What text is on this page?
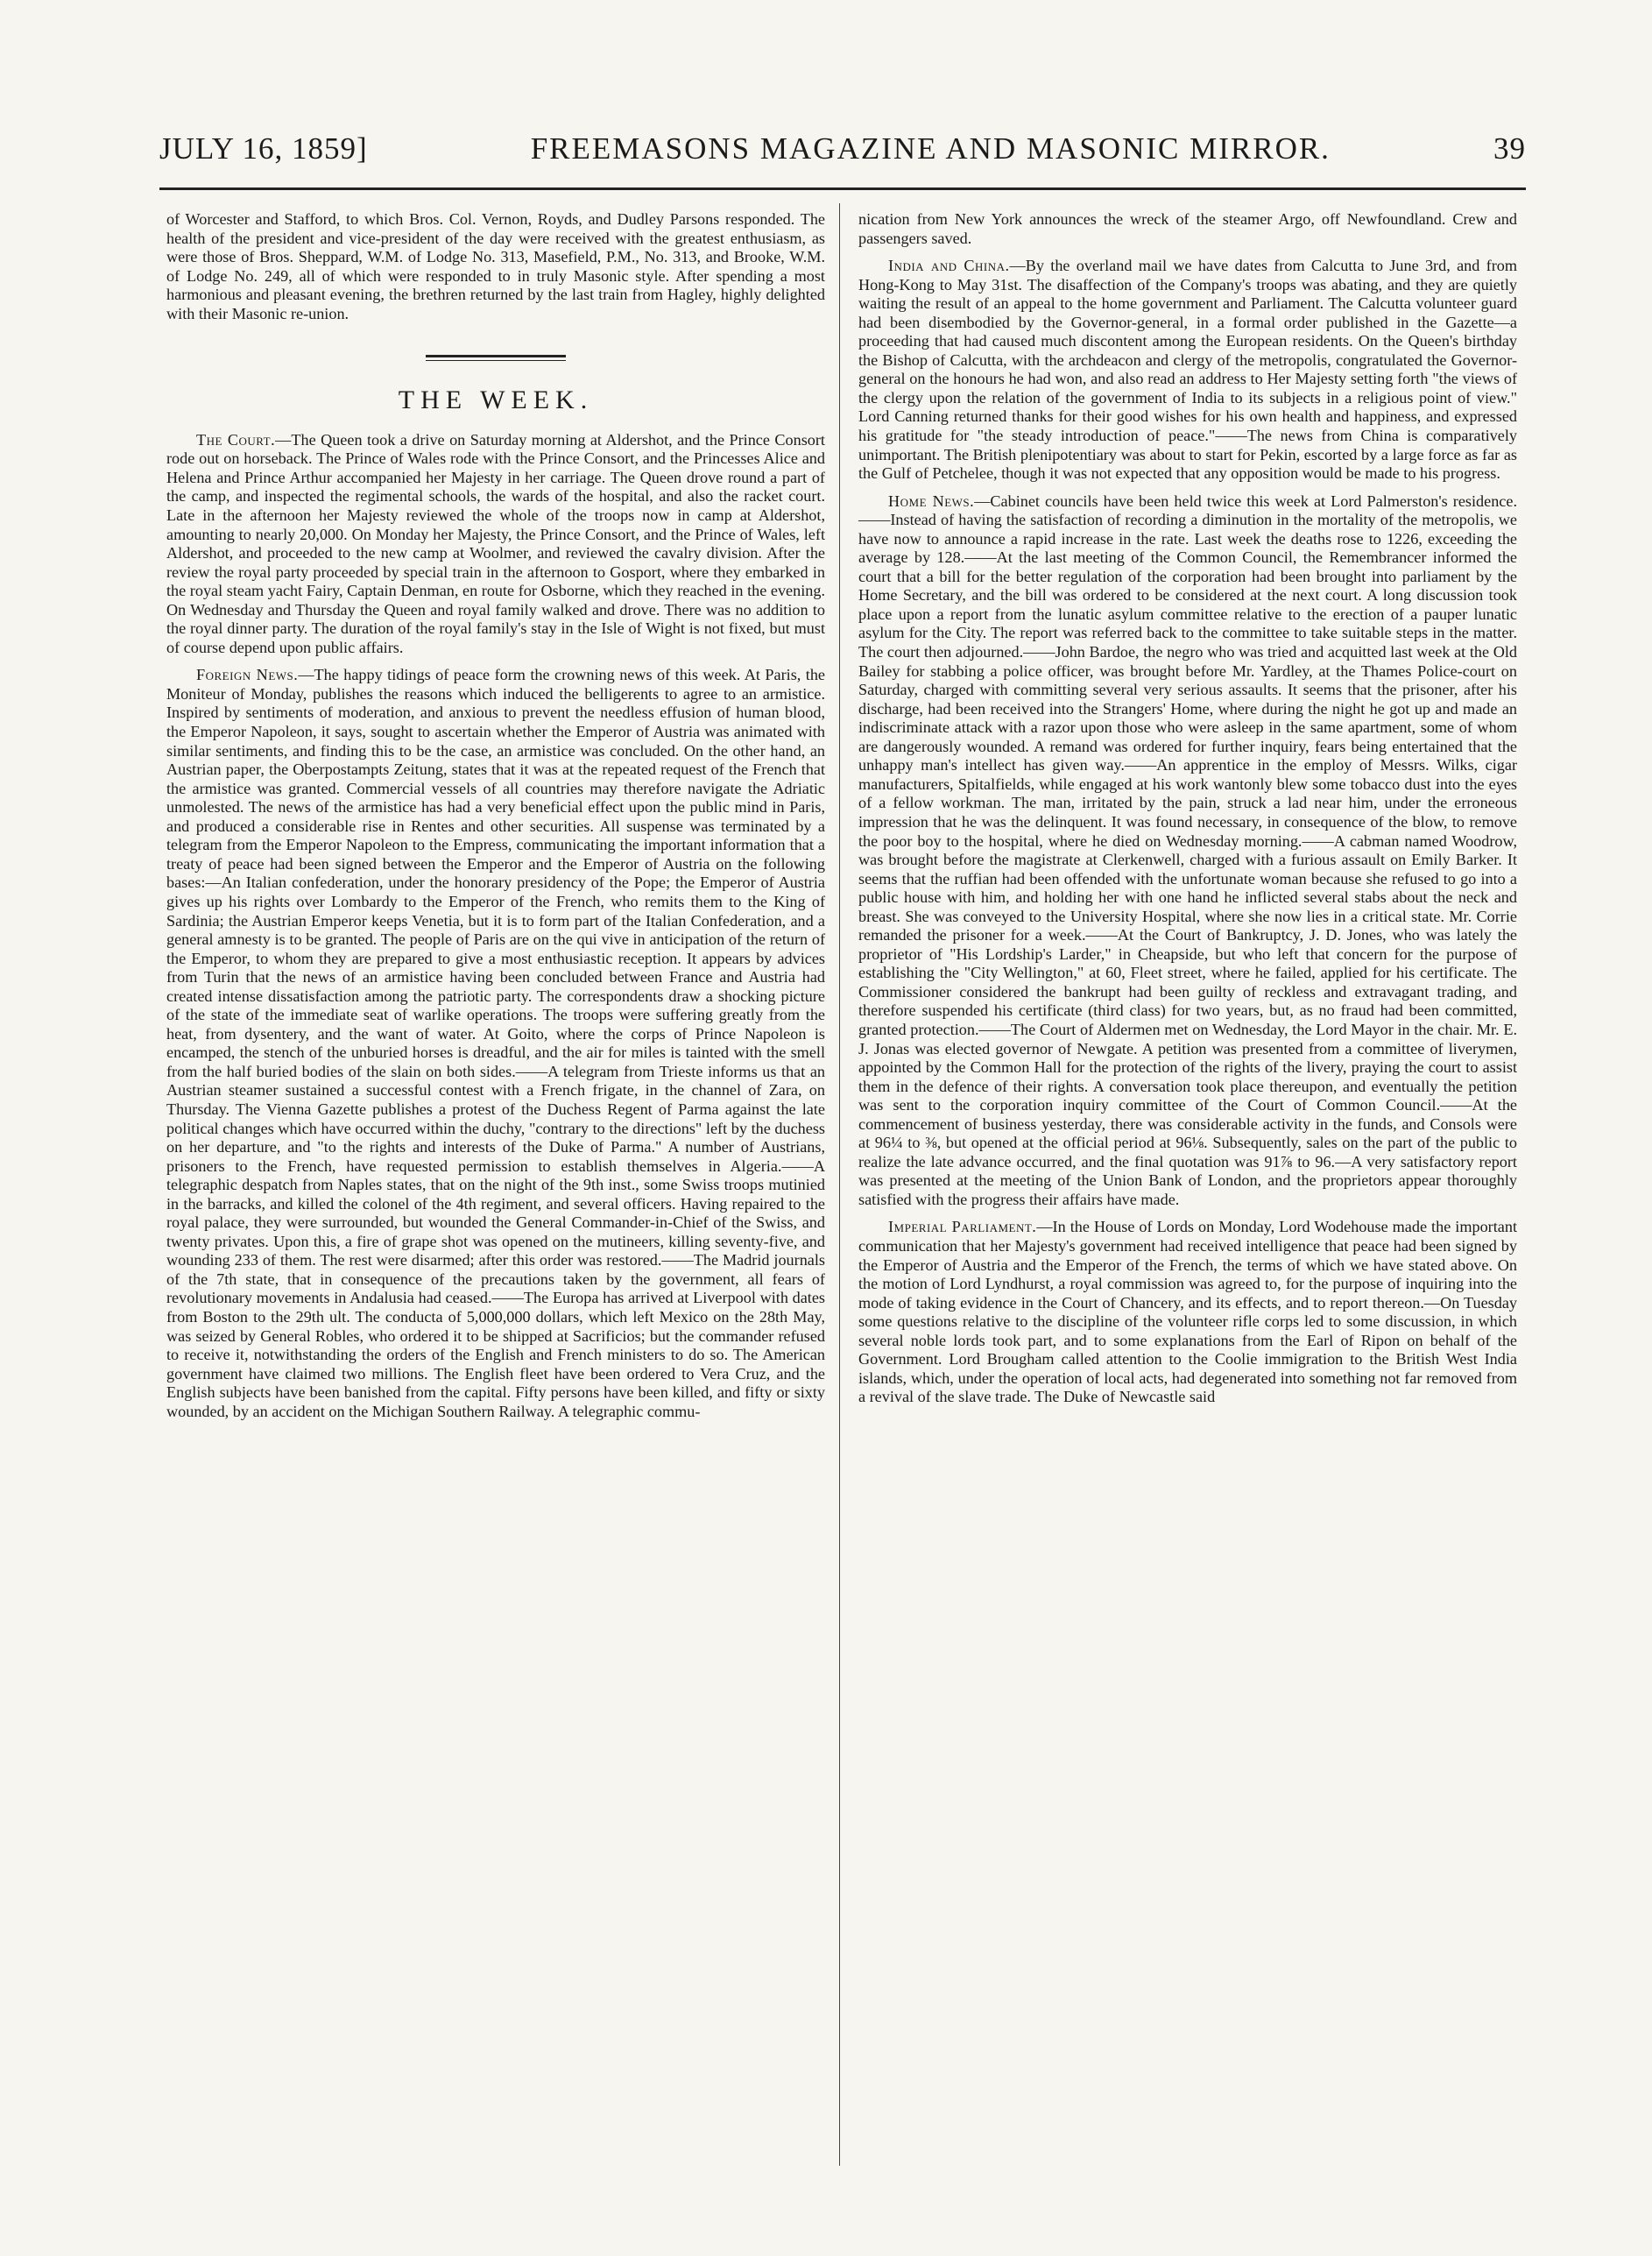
JULY 16, 1859]	FREEMASONS MAGAZINE AND MASONIC MIRROR.	39

of Worcester and Stafford, to which Bros. Col. Vernon, Royds, and Dudley Parsons responded. The health of the president and vice-president of the day were received with the greatest enthusiasm, as were those of Bros. Sheppard, W.M. of Lodge No. 313, Masefield, P.M., No. 313, and Brooke, W.M. of Lodge No. 249, all of which were responded to in truly Masonic style. After spending a most harmonious and pleasant evening, the brethren returned by the last train from Hagley, highly delighted with their Masonic re-union.

THE WEEK.

The Court.—The Queen took a drive on Saturday morning at Aldershot, and the Prince Consort rode out on horseback. The Prince of Wales rode with the Prince Consort, and the Princesses Alice and Helena and Prince Arthur accompanied her Majesty in her carriage. The Queen drove round a part of the camp, and inspected the regimental schools, the wards of the hospital, and also the racket court. Late in the afternoon her Majesty reviewed the whole of the troops now in camp at Aldershot, amounting to nearly 20,000. On Monday her Majesty, the Prince Consort, and the Prince of Wales, left Aldershot, and proceeded to the new camp at Woolmer, and reviewed the cavalry division. After the review the royal party proceeded by special train in the afternoon to Gosport, where they embarked in the royal steam yacht Fairy, Captain Denman, en route for Osborne, which they reached in the evening. On Wednesday and Thursday the Queen and royal family walked and drove. There was no addition to the royal dinner party. The duration of the royal family's stay in the Isle of Wight is not fixed, but must of course depend upon public affairs.

Foreign News.—The happy tidings of peace form the crowning news of this week. At Paris, the Moniteur of Monday, publishes the reasons which induced the belligerents to agree to an armistice. Inspired by sentiments of moderation, and anxious to prevent the needless effusion of human blood, the Emperor Napoleon, it says, sought to ascertain whether the Emperor of Austria was animated with similar sentiments, and finding this to be the case, an armistice was concluded. On the other hand, an Austrian paper, the Oberpostampts Zeitung, states that it was at the repeated request of the French that the armistice was granted. Commercial vessels of all countries may therefore navigate the Adriatic unmolested. The news of the armistice has had a very beneficial effect upon the public mind in Paris, and produced a considerable rise in Rentes and other securities. All suspense was terminated by a telegram from the Emperor Napoleon to the Empress, communicating the important information that a treaty of peace had been signed between the Emperor and the Emperor of Austria on the following bases:—An Italian confederation, under the honorary presidency of the Pope; the Emperor of Austria gives up his rights over Lombardy to the Emperor of the French, who remits them to the King of Sardinia; the Austrian Emperor keeps Venetia, but it is to form part of the Italian Confederation, and a general amnesty is to be granted. The people of Paris are on the qui vive in anticipation of the return of the Emperor, to whom they are prepared to give a most enthusiastic reception. It appears by advices from Turin that the news of an armistice having been concluded between France and Austria had created intense dissatisfaction among the patriotic party. The correspondents draw a shocking picture of the state of the immediate seat of warlike operations. The troops were suffering greatly from the heat, from dysentery, and the want of water. At Goito, where the corps of Prince Napoleon is encamped, the stench of the unburied horses is dreadful, and the air for miles is tainted with the smell from the half buried bodies of the slain on both sides.——A telegram from Trieste informs us that an Austrian steamer sustained a successful contest with a French frigate, in the channel of Zara, on Thursday. The Vienna Gazette publishes a protest of the Duchess Regent of Parma against the late political changes which have occurred within the duchy, "contrary to the directions" left by the duchess on her departure, and "to the rights and interests of the Duke of Parma." A number of Austrians, prisoners to the French, have requested permission to establish themselves in Algeria.——A telegraphic despatch from Naples states, that on the night of the 9th inst., some Swiss troops mutinied in the barracks, and killed the colonel of the 4th regiment, and several officers. Having repaired to the royal palace, they were surrounded, but wounded the General Commander-in-Chief of the Swiss, and twenty privates. Upon this, a fire of grape shot was opened on the mutineers, killing seventy-five, and wounding 233 of them. The rest were disarmed; after this order was restored.——The Madrid journals of the 7th state, that in consequence of the precautions taken by the government, all fears of revolutionary movements in Andalusia had ceased.——The Europa has arrived at Liverpool with dates from Boston to the 29th ult. The conducta of 5,000,000 dollars, which left Mexico on the 28th May, was seized by General Robles, who ordered it to be shipped at Sacrificios; but the commander refused to receive it, notwithstanding the orders of the English and French ministers to do so. The American government have claimed two millions. The English fleet have been ordered to Vera Cruz, and the English subjects have been banished from the capital. Fifty persons have been killed, and fifty or sixty wounded, by an accident on the Michigan Southern Railway. A telegraphic commu-

nication from New York announces the wreck of the steamer Argo, off Newfoundland. Crew and passengers saved.

India and China.—By the overland mail we have dates from Calcutta to June 3rd, and from Hong-Kong to May 31st. The disaffection of the Company's troops was abating, and they are quietly waiting the result of an appeal to the home government and Parliament. The Calcutta volunteer guard had been disembodied by the Governor-general, in a formal order published in the Gazette—a proceeding that had caused much discontent among the European residents. On the Queen's birthday the Bishop of Calcutta, with the archdeacon and clergy of the metropolis, congratulated the Governor-general on the honours he had won, and also read an address to Her Majesty setting forth "the views of the clergy upon the relation of the government of India to its subjects in a religious point of view." Lord Canning returned thanks for their good wishes for his own health and happiness, and expressed his gratitude for "the steady introduction of peace."——The news from China is comparatively unimportant. The British plenipotentiary was about to start for Pekin, escorted by a large force as far as the Gulf of Petchelee, though it was not expected that any opposition would be made to his progress.

Home News.—Cabinet councils have been held twice this week at Lord Palmerston's residence.——Instead of having the satisfaction of recording a diminution in the mortality of the metropolis, we have now to announce a rapid increase in the rate. Last week the deaths rose to 1226, exceeding the average by 128.——At the last meeting of the Common Council, the Remembrancer informed the court that a bill for the better regulation of the corporation had been brought into parliament by the Home Secretary, and the bill was ordered to be considered at the next court. A long discussion took place upon a report from the lunatic asylum committee relative to the erection of a pauper lunatic asylum for the City. The report was referred back to the committee to take suitable steps in the matter. The court then adjourned.——John Bardoe, the negro who was tried and acquitted last week at the Old Bailey for stabbing a police officer, was brought before Mr. Yardley, at the Thames Police-court on Saturday, charged with committing several very serious assaults. It seems that the prisoner, after his discharge, had been received into the Strangers' Home, where during the night he got up and made an indiscriminate attack with a razor upon those who were asleep in the same apartment, some of whom are dangerously wounded. A remand was ordered for further inquiry, fears being entertained that the unhappy man's intellect has given way.——An apprentice in the employ of Messrs. Wilks, cigar manufacturers, Spitalfields, while engaged at his work wantonly blew some tobacco dust into the eyes of a fellow workman. The man, irritated by the pain, struck a lad near him, under the erroneous impression that he was the delinquent. It was found necessary, in consequence of the blow, to remove the poor boy to the hospital, where he died on Wednesday morning.——A cabman named Woodrow, was brought before the magistrate at Clerkenwell, charged with a furious assault on Emily Barker. It seems that the ruffian had been offended with the unfortunate woman because she refused to go into a public house with him, and holding her with one hand he inflicted several stabs about the neck and breast. She was conveyed to the University Hospital, where she now lies in a critical state. Mr. Corrie remanded the prisoner for a week.——At the Court of Bankruptcy, J. D. Jones, who was lately the proprietor of "His Lordship's Larder," in Cheapside, but who left that concern for the purpose of establishing the "City Wellington," at 60, Fleet street, where he failed, applied for his certificate. The Commissioner considered the bankrupt had been guilty of reckless and extravagant trading, and therefore suspended his certificate (third class) for two years, but, as no fraud had been committed, granted protection.——The Court of Aldermen met on Wednesday, the Lord Mayor in the chair. Mr. E. J. Jonas was elected governor of Newgate. A petition was presented from a committee of liverymen, appointed by the Common Hall for the protection of the rights of the livery, praying the court to assist them in the defence of their rights. A conversation took place thereupon, and eventually the petition was sent to the corporation inquiry committee of the Court of Common Council.——At the commencement of business yesterday, there was considerable activity in the funds, and Consols were at 96¼ to ⅜, but opened at the official period at 96⅛. Subsequently, sales on the part of the public to realize the late advance occurred, and the final quotation was 91⅞ to 96.—A very satisfactory report was presented at the meeting of the Union Bank of London, and the proprietors appear thoroughly satisfied with the progress their affairs have made.

Imperial Parliament.—In the House of Lords on Monday, Lord Wodehouse made the important communication that her Majesty's government had received intelligence that peace had been signed by the Emperor of Austria and the Emperor of the French, the terms of which we have stated above. On the motion of Lord Lyndhurst, a royal commission was agreed to, for the purpose of inquiring into the mode of taking evidence in the Court of Chancery, and its effects, and to report thereon.—On Tuesday some questions relative to the discipline of the volunteer rifle corps led to some discussion, in which several noble lords took part, and to some explanations from the Earl of Ripon on behalf of the Government. Lord Brougham called attention to the Coolie immigration to the British West India islands, which, under the operation of local acts, had degenerated into something not far removed from a revival of the slave trade. The Duke of Newcastle said
